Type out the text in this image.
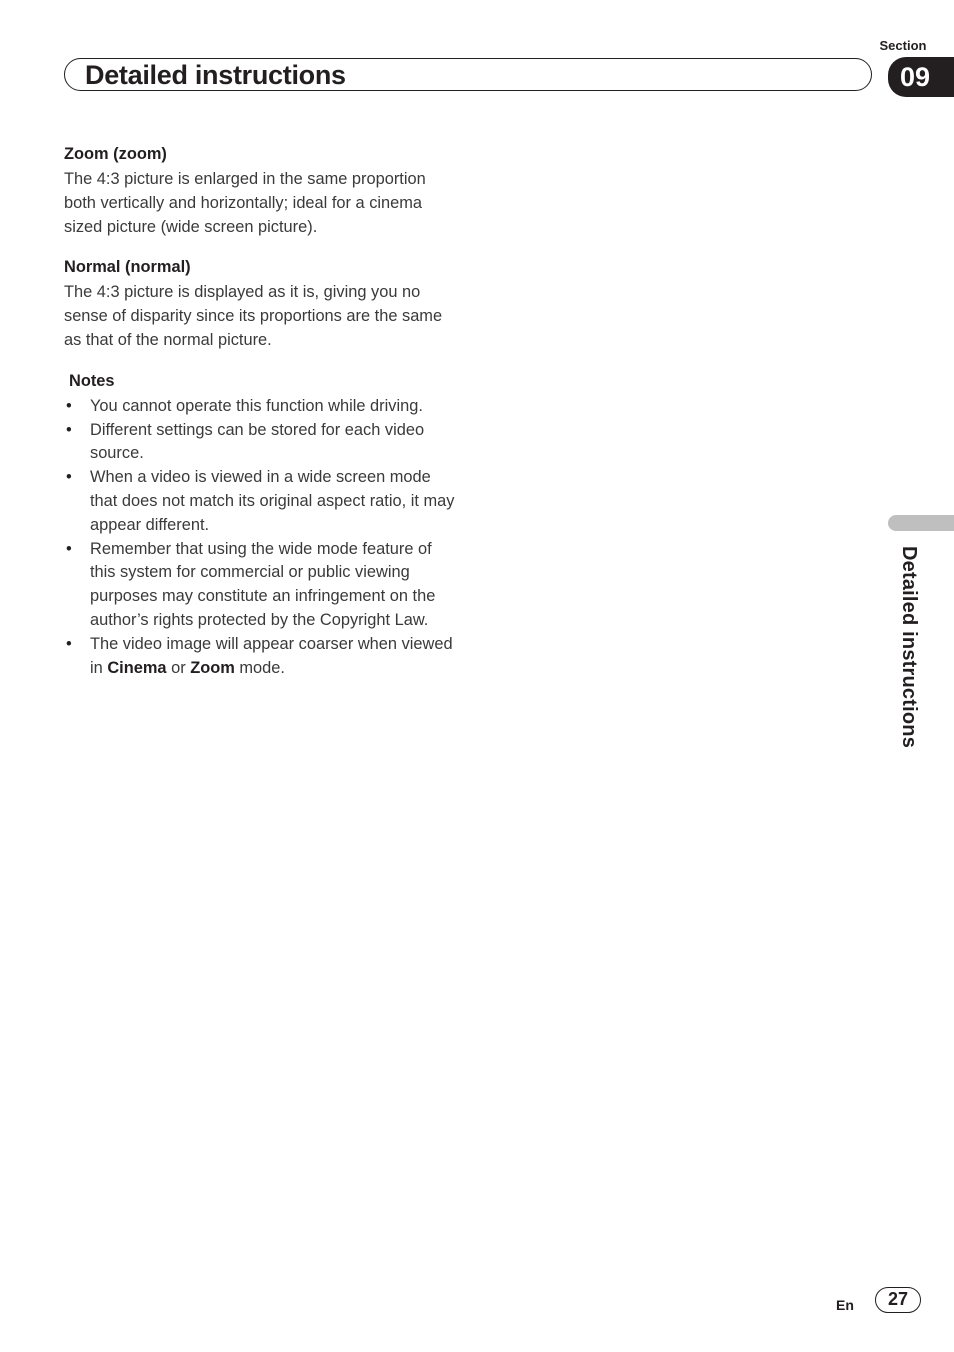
Section
Detailed instructions	09

Zoom (zoom)

The 4:3 picture is enlarged in the same proportion both vertically and horizontally; ideal for a cinema sized picture (wide screen picture).

Normal (normal)

The 4:3 picture is displayed as it is, giving you no sense of disparity since its proportions are the same as that of the normal picture.

Notes

• You cannot operate this function while driving.
• Different settings can be stored for each video source.
• When a video is viewed in a wide screen mode that does not match its original aspect ratio, it may appear different.
• Remember that using the wide mode feature of this system for commercial or public viewing purposes may constitute an infringement on the author’s rights protected by the Copyright Law.
• The video image will appear coarser when viewed in Cinema or Zoom mode.	Detailed instructions
En	27
